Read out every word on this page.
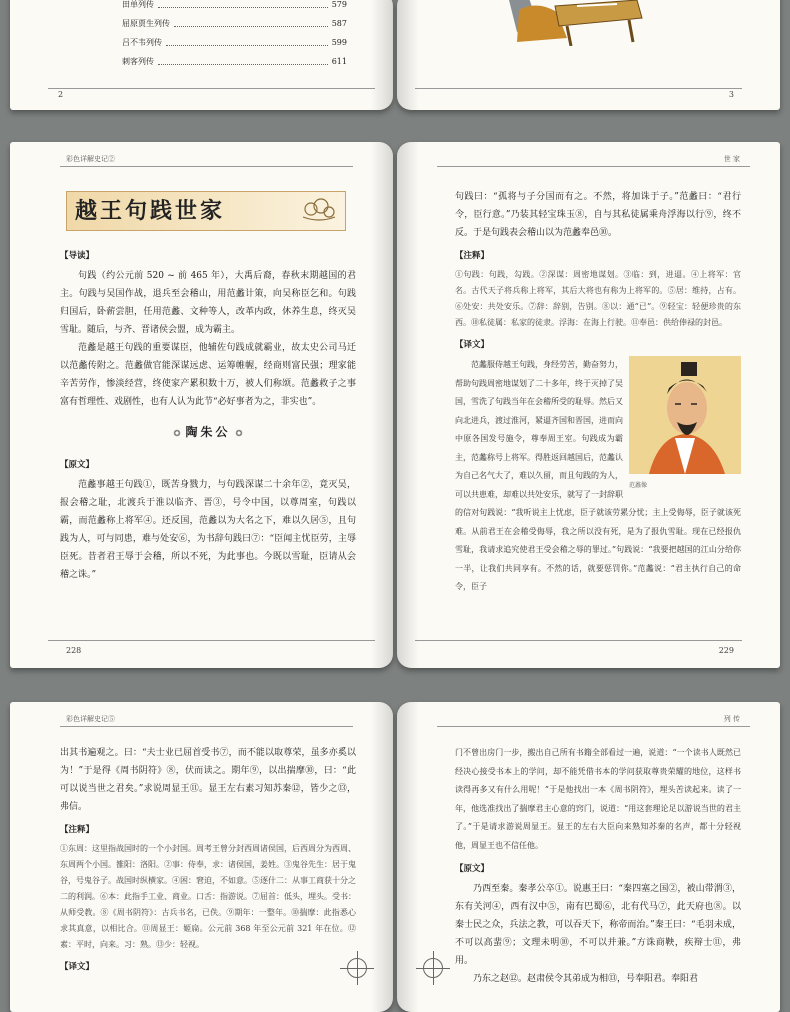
田单列传	579
屈原贾生列传	587
吕不韦列传	599
刺客列传	611
2	3
彩色详解史记②
越王句践世家
【导读】

句践（约公元前 520 ~ 前 465 年），大禹后裔，春秋末期越国的君主。句践与吴国作战，退兵至会稽山，用范蠡计策，向吴称臣乞和。句践归国后，卧薪尝胆，任用范蠡、文种等人，改革内政，休养生息，终灭吴雪耻。随后，与齐、晋诸侯会盟，成为霸主。

范蠡是越王句践的重要谋臣，他辅佐句践成就霸业，故太史公司马迁以范蠡传附之。范蠡做官能深谋远虑、运筹帷幄，经商则富民强；理家能辛苦劳作，惨淡经营，终使家产累积数十万，被人们称颂。范蠡救子之事富有哲理性、戏剧性，也有人认为此节“必好事者为之，非实也”。

陶朱公
【原文】

范蠡事越王句践①，既苦身戮力，与句践深谋二十余年②，竟灭吴，报会稽之耻，北渡兵于淮以临齐、晋③，号令中国，以尊周室，句践以霸，而范蠡称上将军④。还反国，范蠡以为大名之下，难以久居⑤，且句践为人，可与同患，难与处安⑥，为书辞句践曰⑦：“臣闻主忧臣劳，主辱臣死。昔者君王辱于会稽，所以不死，为此事也。今既以雪耻，臣请从会稽之诛。”

228
世 家

句践曰：“孤将与子分国而有之。不然，将加诛于子。”范蠡曰：“君行令，臣行意。”乃装其轻宝珠玉⑧，自与其私徒属乘舟浮海以行⑨，终不反。于是句践表会稽山以为范蠡奉邑⑩。

【注释】
①句践：句践，勾践。②深谋：周密地谋划。③临：到，进逼。④上将军：官名。古代天子将兵称上将军，其后大将也有称为上将军的。⑤居：维持，占有。⑥处安：共处安乐。⑦辞：辞别，告别。⑧以：通“已”。⑨轻宝：轻便珍贵的东西。⑩私徒属：私家的徒隶。浮海：在海上行驶。⑪奉邑：供给俸禄的封邑。
【译文】
范蠡像

范蠡服侍越王句践，身经劳苦，勤奋努力，帮助句践周密地谋划了二十多年，终于灭掉了吴国，雪洗了句践当年在会稽所受的耻辱。然后又向北进兵，渡过淮河，紧逼齐国和晋国，进而向中原各国发号施令，尊奉周王室。句践成为霸主，范蠡称号上将军。得胜返回越国后，范蠡认为自己名气大了，难以久留，而且句践的为人，可以共患难，却难以共处安乐，就写了一封辞职的信对句践说：“我听说主上忧虑，臣子就该劳累分忧；主上受侮辱，臣子就该死难。从前君王在会稽受侮辱，我之所以没有死，是为了报仇雪耻。现在已经报仇雪耻，我请求追究使君王受会稽之辱的罪过。”句践说：“我要把越国的江山分给你一半，让我们共同享有。不然的话，就要惩罚你。”范蠡说：“君主执行自己的命令，臣子

229
彩色详解史记⑤

出其书遍观之。曰：“夫士业已屈首受书⑦，而不能以取尊荣，虽多亦奚以为！”于是得《周书阴符》⑧，伏而读之。期年⑨，以出揣摩⑩，曰：“此可以说当世之君矣。”求说周显王⑪。显王左右素习知苏秦⑫，皆少之⑬，弗信。

【注释】
①东周：这里指战国时的一个小封国。周考王曾分封西周诸侯国，后西周分为西周、东周两个小国。雒阳：洛阳。②事：侍奉，求：诸侯国，姜姓。③鬼谷先生：居于鬼谷，号鬼谷子。战国时纵横家。④困：窘迫，不如意。⑤逐什二：从事工商获十分之二的利润。⑥本：此指手工业、商业。口舌：指游说。⑦屈首：低头，埋头。受书：从师受教。⑧《周书阴符》：古兵书名，已佚。⑨期年：一整年。⑩揣摩：此指悉心求其真意，以相比合。⑪周显王：姬扁。公元前 368 年至公元前 321 年在位。⑫素：平时，向来。习：熟。⑬少：轻视。
【译文】
列 传

门不曾出房门一步，搬出自己所有书籍全部看过一遍，说道：“一个读书人既然已经决心接受书本上的学问，却不能凭借书本的学问获取尊贵荣耀的地位，这样书读得再多又有什么用呢！”于是他找出一本《周书阴符》，埋头苦读起来。读了一年，他选准找出了揣摩君主心意的窍门，说道：“用这套理论足以游说当世的君主了。”于是请求游说周显王。显王的左右大臣向来熟知苏秦的名声，都十分轻视他，周显王也不信任他。

【原文】

乃西至秦。秦孝公卒①。说惠王曰：“秦四塞之国②，被山带渭③，东有关河④，西有汉中⑤，南有巴蜀⑥，北有代马⑦，此天府也⑧。以秦士民之众，兵法之教，可以吞天下，称帝而治。”秦王曰：“毛羽未成，不可以高蜚⑨；文理未明⑩，不可以并兼。”方诛商鞅，疾辩士⑪，弗用。

乃东之赵⑫。赵肃侯令其弟成为相⑬，号奉阳君。奉阳君
